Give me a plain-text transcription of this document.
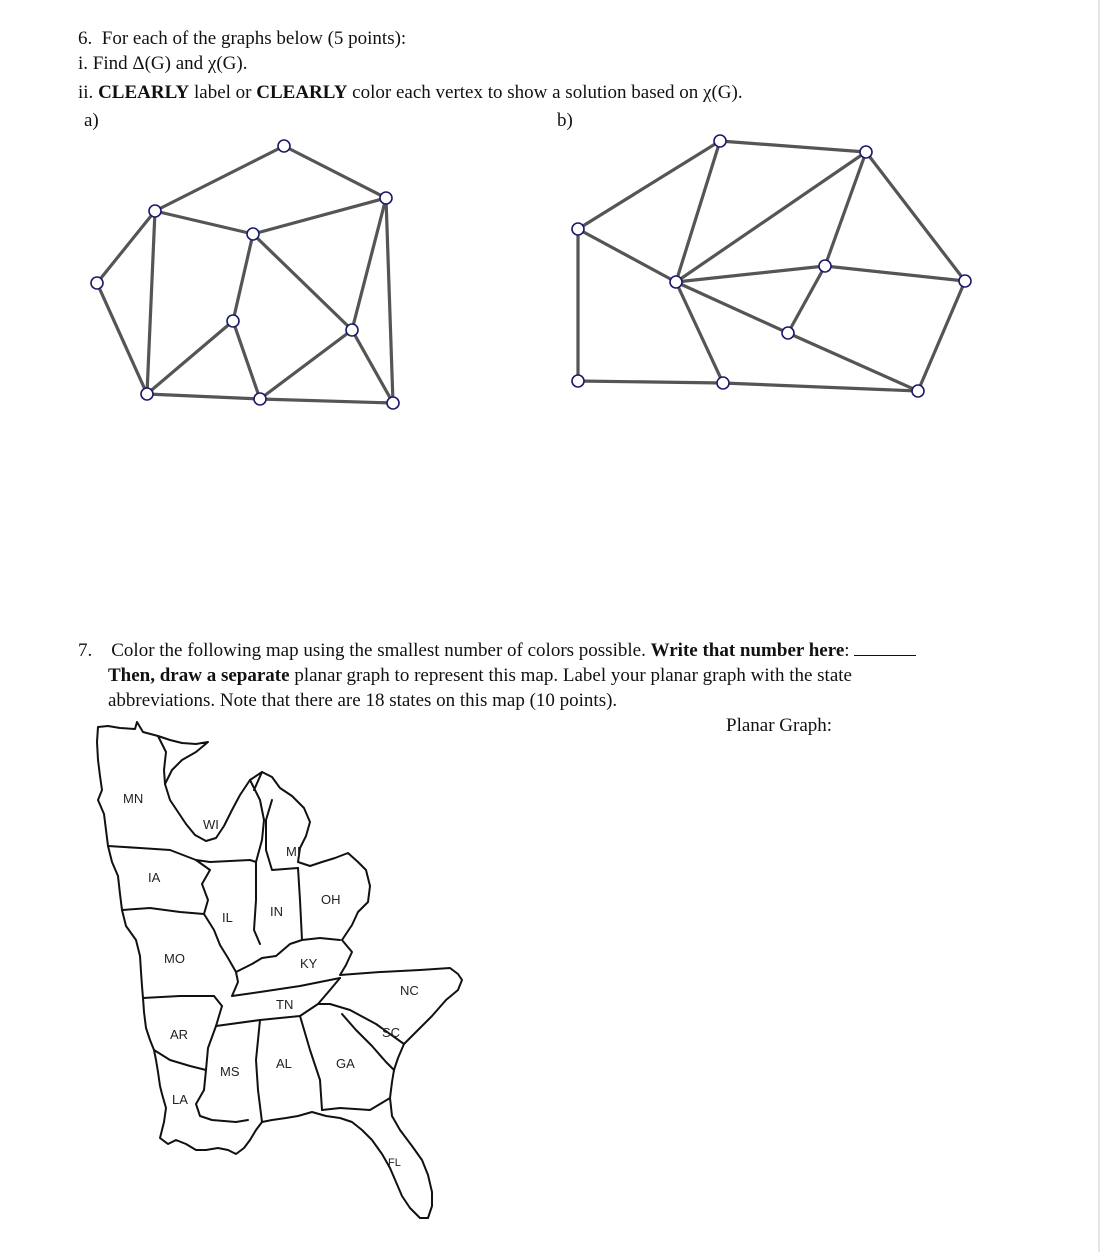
6. For each of the graphs below (5 points):
i. Find Δ(G) and χ(G).
ii. CLEARLY label or CLEARLY color each vertex to show a solution based on χ(G).
a)	b)
MN
WI
MI
IA
IL	IN
OH
MO	KY
NC
TN
AR	SC
MS
AL	GA
LA
FL
7.  Color the following map using the smallest number of colors possible. Write that number here:
Then, draw a separate planar graph to represent this map. Label your planar graph with the state
abbreviations. Note that there are 18 states on this map (10 points).
Planar Graph:
